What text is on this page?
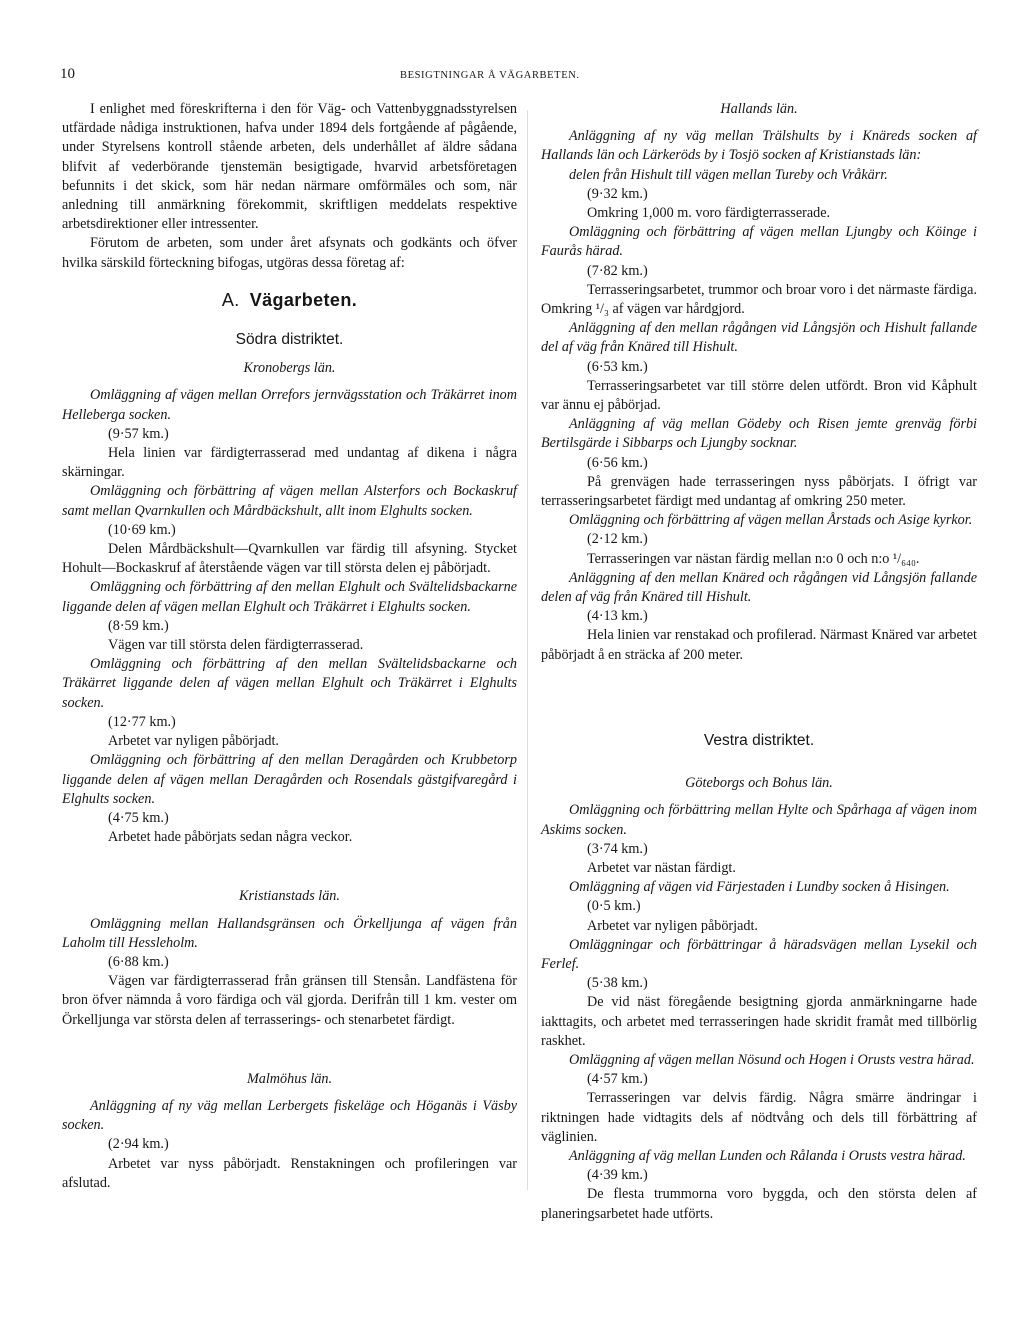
10	BESIGTNINGAR Å VÄGARBETEN.

I enlighet med föreskrifterna i den för Väg- och Vattenbyggnadsstyrelsen utfärdade nådiga instruktionen, hafva under 1894 dels fortgående af pågående, under Styrelsens kontroll stående arbeten, dels underhållet af äldre sådana blifvit af vederbörande tjenstemän besigtigade, hvarvid arbetsföretagen befunnits i det skick, som här nedan närmare omförmäles och som, när anledning till anmärkning förekommit, skriftligen meddelats respektive arbetsdirektioner eller intressenter.

Förutom de arbeten, som under året afsynats och godkänts och öfver hvilka särskild förteckning bifogas, utgöras dessa företag af:

A. Vägarbeten.
Södra distriktet.
Kronobergs län.

Omläggning af vägen mellan Orrefors jernvägsstation och Träkärret inom Hellebergа socken.

(9·57 km.)

Hela linien var färdigterrasserad med undantag af dikena i några skärningar.

Omläggning och förbättring af vägen mellan Alsterfors och Bockaskruf samt mellan Qvarnkullen och Mårdbäckshult, allt inom Elghults socken.

(10·69 km.)

Delen Mårdbäckshult—Qvarnkullen var färdig till afsyning. Stycket Hohult—Bockaskruf af återstående vägen var till största delen ej påbörjadt.

Omläggning och förbättring af den mellan Elghult och Svältelidsbackarne liggande delen af vägen mellan Elghult och Träkärret i Elghults socken.

(8·59 km.)

Vägen var till största delen färdigterrasserad.

Omläggning och förbättring af den mellan Svältelidsbackarne och Träkärret liggande delen af vägen mellan Elghult och Träkärret i Elghults socken.

(12·77 km.)

Arbetet var nyligen påbörjadt.

Omläggning och förbättring af den mellan Deragården och Krubbetorp liggande delen af vägen mellan Deragården och Rosendals gästgifvaregård i Elghults socken.

(4·75 km.)

Arbetet hade påbörjats sedan några veckor.

Kristianstads län.

Omläggning mellan Hallandsgränsen och Örkelljunga af vägen från Laholm till Hessleholm.

(6·88 km.)

Vägen var färdigterrasserad från gränsen till Stensån. Landfästena för bron öfver nämnda å voro färdiga och väl gjorda. Derifrån till 1 km. vester om Örkelljunga var största delen af terrasserings- och stenarbetet färdigt.

Malmöhus län.

Anläggning af ny väg mellan Lerbergets fiskeläge och Höganäs i Väsby socken.

(2·94 km.)

Arbetet var nyss påbörjadt. Renstakningen och profileringen var afslutad.

Hallands län.

Anläggning af ny väg mellan Trälshults by i Knäreds socken af Hallands län och Lärkeröds by i Tosjö socken af Kristianstads län:

delen från Hishult till vägen mellan Tureby och Vråkärr.

(9·32 km.)

Omkring 1,000 m. voro färdigterrasserade.

Omläggning och förbättring af vägen mellan Ljungby och Köinge i Faurås härad.

(7·82 km.)

Terrasseringsarbetet, trummor och broar voro i det närmaste färdiga. Omkring ¹/₃ af vägen var hårdgjord.

Anläggning af den mellan rågången vid Långsjön och Hishult fallande del af väg från Knäred till Hishult.

(6·53 km.)

Terrasseringsarbetet var till större delen utfördt. Bron vid Kåphult var ännu ej påbörjad.

Anläggning af väg mellan Gödeby och Risen jemte grenväg förbi Bertilsgärde i Sibbarps och Ljungby socknar.

(6·56 km.)

På grenvägen hade terrasseringen nyss påbörjats. I öfrigt var terrasseringsarbetet färdigt med undantag af omkring 250 meter.

Omläggning och förbättring af vägen mellan Årstads och Asige kyrkor.

(2·12 km.)

Terrasseringen var nästan färdig mellan n:o 0 och n:o ¹/₆₄₀.

Anläggning af den mellan Knäred och rågången vid Långsjön fallande delen af väg från Knäred till Hishult.

(4·13 km.)

Hela linien var renstakad och profilerad. Närmast Knäred var arbetet påbörjadt å en sträcka af 200 meter.

Vestra distriktet.
Göteborgs och Bohus län.

Omläggning och förbättring mellan Hylte och Spårhaga af vägen inom Askims socken.

(3·74 km.)

Arbetet var nästan färdigt.

Omläggning af vägen vid Färjestaden i Lundby socken å Hisingen.

(0·5 km.)

Arbetet var nyligen påbörjadt.

Omläggningar och förbättringar å häradsvägen mellan Lysekil och Ferlef.

(5·38 km.)

De vid näst föregående besigtning gjorda anmärkningarne hade iakttagits, och arbetet med terrasseringen hade skridit framåt med tillbörlig raskhet.

Omläggning af vägen mellan Nösund och Hogen i Orusts vestra härad.

(4·57 km.)

Terrasseringen var delvis färdig. Några smärre ändringar i riktningen hade vidtagits dels af nödtvång och dels till förbättring af väglinien.

Anläggning af väg mellan Lunden och Rålanda i Orusts vestra härad.

(4·39 km.)

De flesta trummorna voro byggda, och den största delen af planeringsarbetet hade utförts.
